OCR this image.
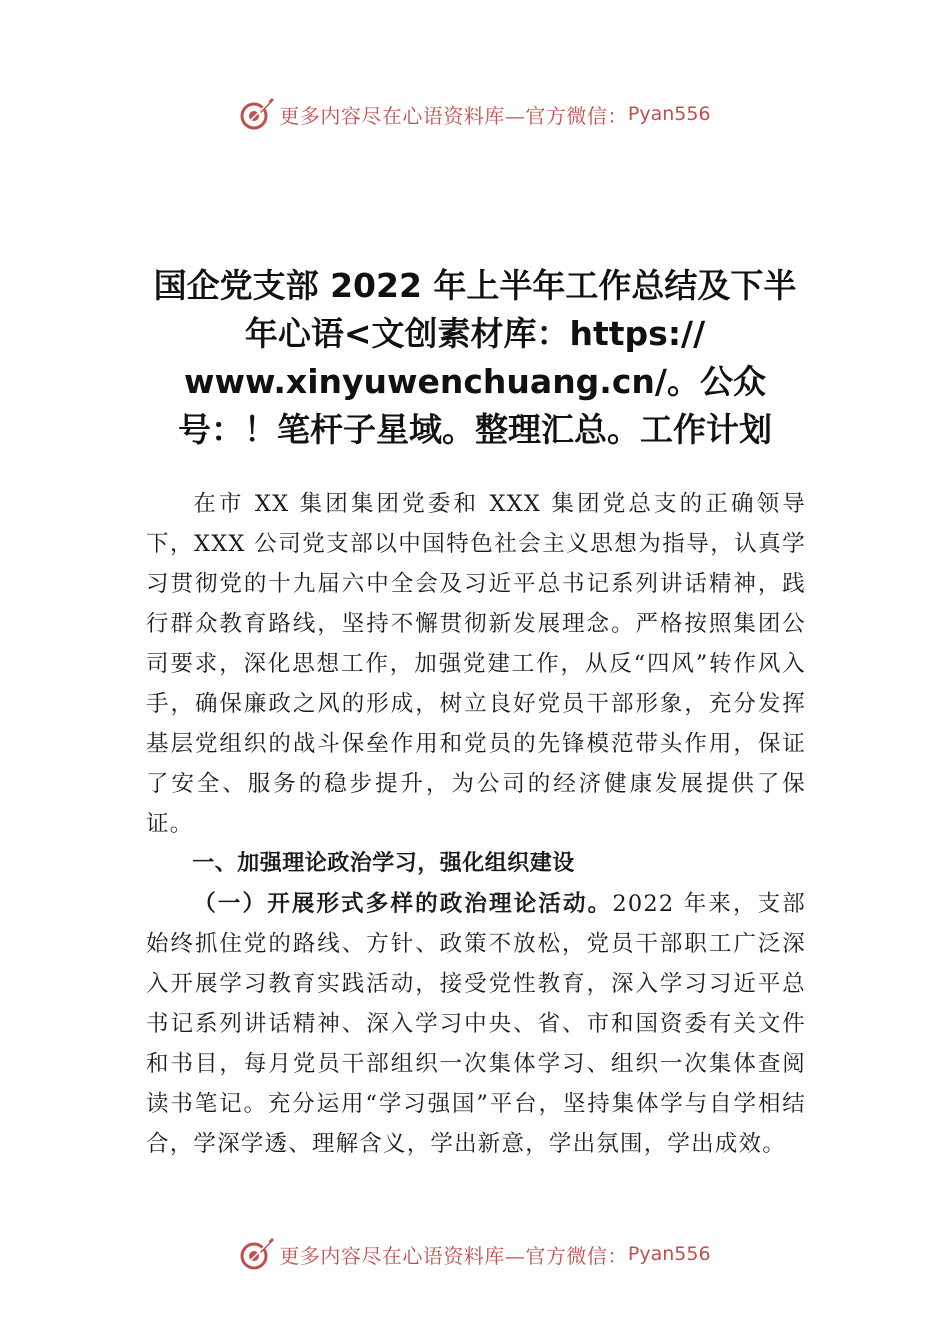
更多内容尽在心语资料库—官方微信： Pyan556
国企党支部 2022 年上半年工作总结及下半
年心语<文创素材库：https://
www.xinyuwenchuang.cn/。公众
号：！笔杆子星域。整理汇总。工作计划

在市 XX 集团集团党委和 XXX 集团党总支的正确领导下，XXX 公司党支部以中国特色社会主义思想为指导，认真学习贯彻党的十九届六中全会及习近平总书记系列讲话精神，践行群众教育路线，坚持不懈贯彻新发展理念。严格按照集团公司要求，深化思想工作，加强党建工作，从反“四风”转作风入手，确保廉政之风的形成，树立良好党员干部形象，充分发挥基层党组织的战斗保垒作用和党员的先锋模范带头作用，保证了安全、服务的稳步提升，为公司的经济健康发展提供了保证。

一、加强理论政治学习，强化组织建设

（一）开展形式多样的政治理论活动。2022 年来，支部始终抓住党的路线、方针、政策不放松，党员干部职工广泛深入开展学习教育实践活动，接受党性教育，深入学习习近平总书记系列讲话精神、深入学习中央、省、市和国资委有关文件和书目，每月党员干部组织一次集体学习、组织一次集体查阅读书笔记。充分运用“学习强国”平台，坚持集体学与自学相结合，学深学透、理解含义，学出新意，学出氛围，学出成效。

更多内容尽在心语资料库—官方微信： Pyan556
